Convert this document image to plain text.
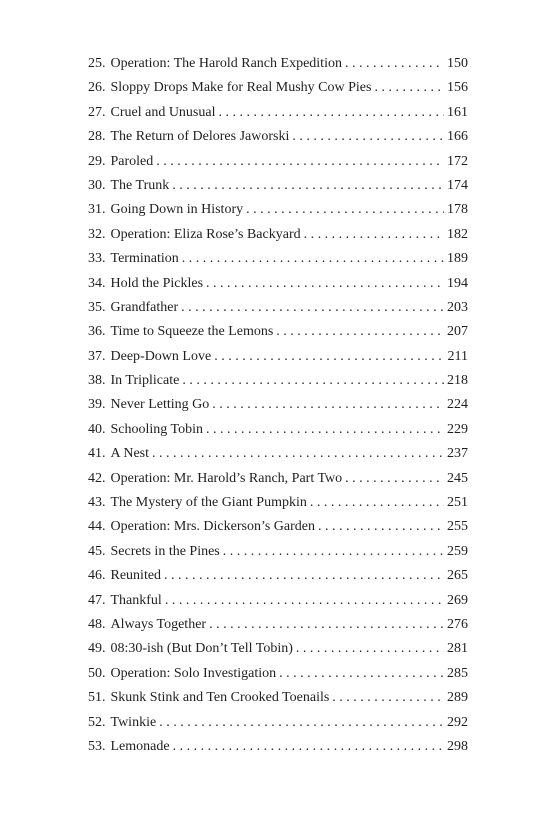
25. Operation: The Harold Ranch Expedition . . .	150
26. Sloppy Drops Make for Real Mushy Cow Pies . . .	156
27. Cruel and Unusual . . .	161
28. The Return of Delores Jaworski . . .	166
29. Paroled . . .	172
30. The Trunk . . .	174
31. Going Down in History . . .	178
32. Operation: Eliza Rose’s Backyard . . .	182
33. Termination . . .	189
34. Hold the Pickles . . .	194
35. Grandfather . . .	203
36. Time to Squeeze the Lemons . . .	207
37. Deep-Down Love . . .	211
38. In Triplicate . . .	218
39. Never Letting Go . . .	224
40. Schooling Tobin . . .	229
41. A Nest . . .	237
42. Operation: Mr. Harold’s Ranch, Part Two . . .	245
43. The Mystery of the Giant Pumpkin . . .	251
44. Operation: Mrs. Dickerson’s Garden . . .	255
45. Secrets in the Pines . . .	259
46. Reunited . . .	265
47. Thankful . . .	269
48. Always Together . . .	276
49. 08:30-ish (But Don’t Tell Tobin) . . .	281
50. Operation: Solo Investigation . . .	285
51. Skunk Stink and Ten Crooked Toenails . . .	289
52. Twinkie . . .	292
53. Lemonade . . .	298
